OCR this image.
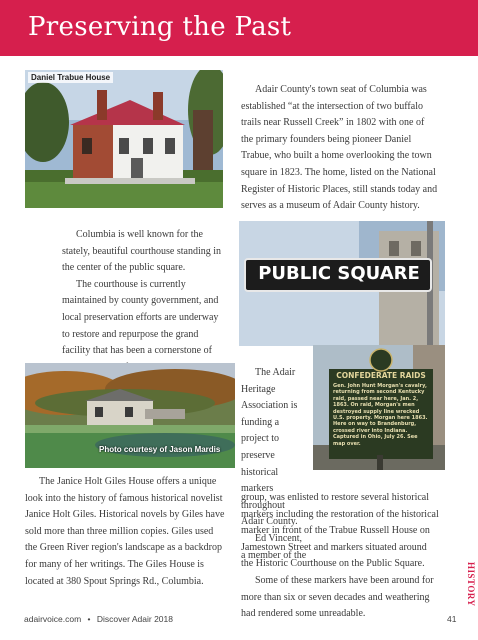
Preserving the Past
Daniel Trabue House

Adair County's town seat of Columbia was established “at the intersection of two buffalo trails near Russell Creek” in 1802 with one of the primary founders being pioneer Daniel Trabue, who built a home overlooking the town square in 1823. The home, listed on the National Register of Historic Places, still stands today and serves as a museum of Adair County history.

Columbia is well known for the stately, beautiful courthouse standing in the center of the public square.

The courthouse is currently maintained by county government, and local preservation efforts are underway to restore and repurpose the grand facility that has been a cornerstone of

PUBLIC SQUARE
Photo courtesy of Jason Mardis

The Janice Holt Giles House offers a unique look into the history of famous historical novelist Janice Holt Giles. Historical novels by Giles have sold more than three million copies. Giles used the Green River region's landscape as a backdrop for many of her writings. The Giles House is located at 380 Spout Springs Rd., Columbia.

The Adair Heritage Association is funding a project to preserve historical markers throughout Adair County.

Ed Vincent, a member of the

CONFEDERATE RAIDS
Gen. John Hunt Morgan's cavalry, returning from second Kentucky raid, passed near here, Jan. 2, 1863. On raid, Morgan's men destroyed supply line wrecked U.S. property. Morgan here 1863. Here on way to Brandenburg, crossed river into Indiana. Captured in Ohio, July 26. See map over.

group, was enlisted to restore several historical markers including the restoration of the historical marker in front of the Trabue Russell House on Jamestown Street and markers situated around the Historic Courthouse on the Public Square.

Some of these markers have been around for more than six or seven decades and weathering had rendered some unreadable.

HISTORY
adairvoice.com • Discover Adair 2018	41
